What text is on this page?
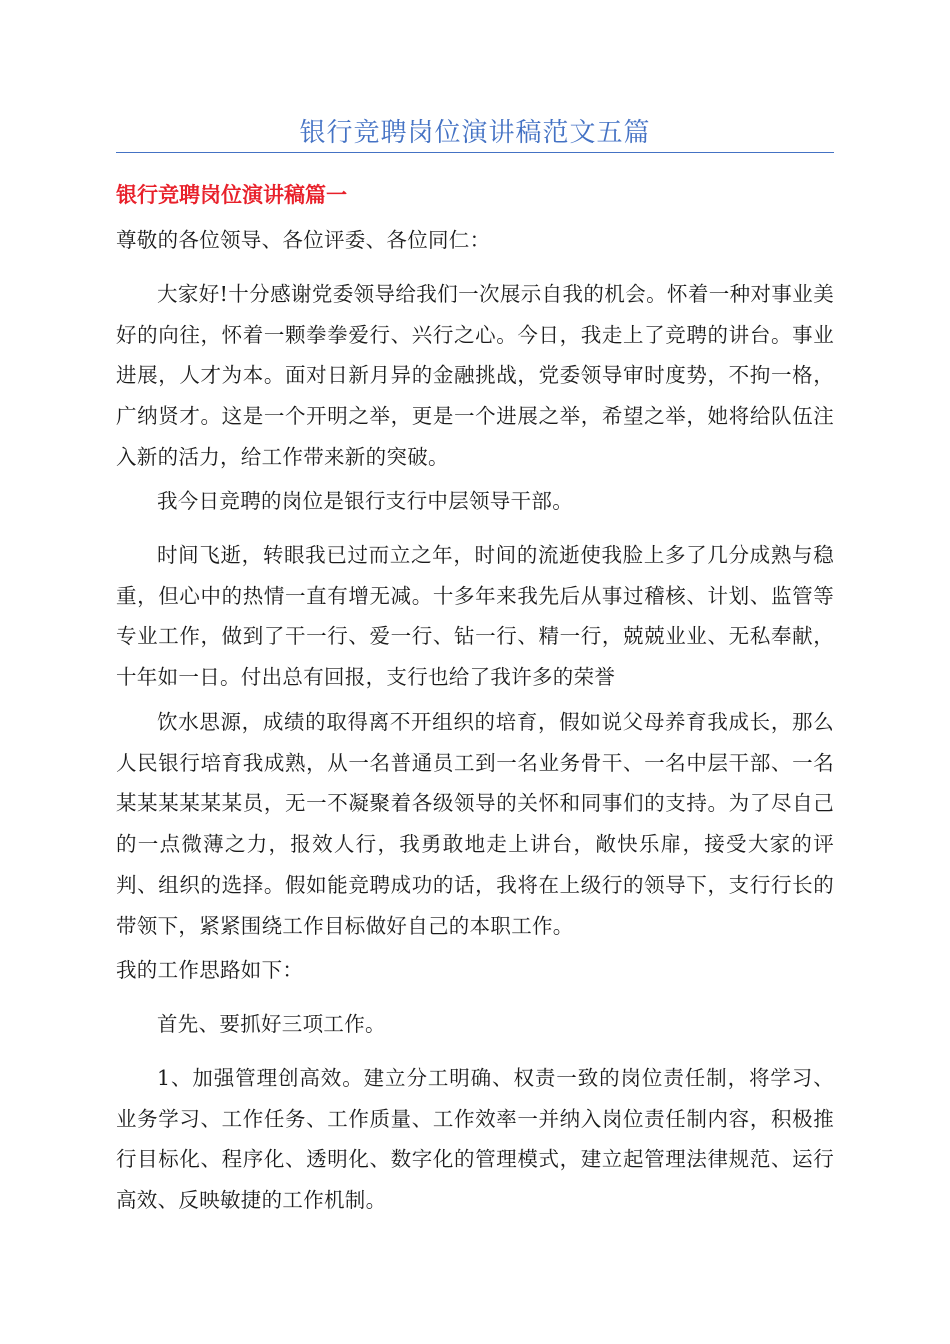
银行竞聘岗位演讲稿范文五篇
银行竞聘岗位演讲稿篇一

尊敬的各位领导、各位评委、各位同仁：

大家好!十分感谢党委领导给我们一次展示自我的机会。怀着一种对事业美好的向往，怀着一颗拳拳爱行、兴行之心。今日，我走上了竞聘的讲台。事业进展，人才为本。面对日新月异的金融挑战，党委领导审时度势，不拘一格，广纳贤才。这是一个开明之举，更是一个进展之举，希望之举，她将给队伍注入新的活力，给工作带来新的突破。

我今日竞聘的岗位是银行支行中层领导干部。

时间飞逝，转眼我已过而立之年，时间的流逝使我脸上多了几分成熟与稳重，但心中的热情一直有增无减。十多年来我先后从事过稽核、计划、监管等专业工作，做到了干一行、爱一行、钻一行、精一行，兢兢业业、无私奉献，十年如一日。付出总有回报，支行也给了我许多的荣誉

饮水思源，成绩的取得离不开组织的培育，假如说父母养育我成长，那么人民银行培育我成熟，从一名普通员工到一名业务骨干、一名中层干部、一名某某某某某某员，无一不凝聚着各级领导的关怀和同事们的支持。为了尽自己的一点微薄之力，报效人行，我勇敢地走上讲台，敞快乐扉，接受大家的评判、组织的选择。假如能竞聘成功的话，我将在上级行的领导下，支行行长的带领下，紧紧围绕工作目标做好自己的本职工作。

我的工作思路如下：

首先、要抓好三项工作。

1、加强管理创高效。建立分工明确、权责一致的岗位责任制，将学习、业务学习、工作任务、工作质量、工作效率一并纳入岗位责任制内容，积极推行目标化、程序化、透明化、数字化的管理模式，建立起管理法律规范、运行高效、反映敏捷的工作机制。
